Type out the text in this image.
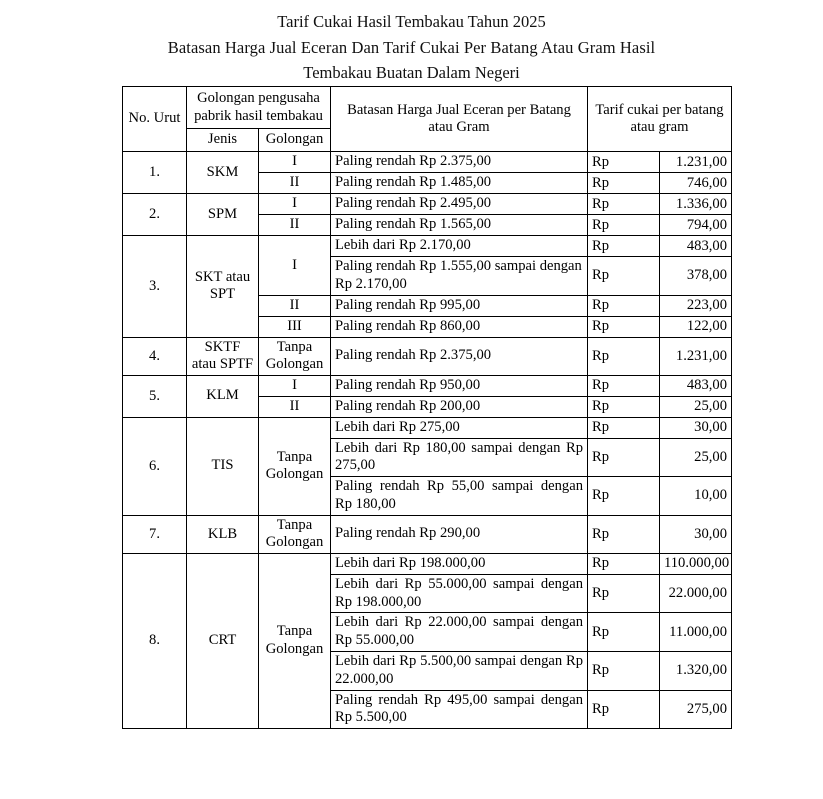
Tarif Cukai Hasil Tembakau Tahun 2025
Batasan Harga Jual Eceran Dan Tarif Cukai Per Batang Atau Gram Hasil
Tembakau Buatan Dalam Negeri
No. Urut	Golongan pengusaha pabrik hasil tembakau		Batasan Harga Jual Eceran per Batang atau Gram	Tarif cukai per batang atau gram	
	Jenis	Golongan			
1.	SKM	I	Paling rendah Rp 2.375,00	Rp	1.231,00
		II	Paling rendah Rp 1.485,00	Rp	746,00
2.	SPM	I	Paling rendah Rp 2.495,00	Rp	1.336,00
		II	Paling rendah Rp 1.565,00	Rp	794,00
3.	SKT atau SPT	I	Lebih dari Rp 2.170,00	Rp	483,00
			Paling rendah Rp 1.555,00 sampai dengan Rp 2.170,00	Rp	378,00
		II	Paling rendah Rp 995,00	Rp	223,00
		III	Paling rendah Rp 860,00	Rp	122,00
4.	SKTF atau SPTF	Tanpa Golongan	Paling rendah Rp 2.375,00	Rp	1.231,00
5.	KLM	I	Paling rendah Rp 950,00	Rp	483,00
		II	Paling rendah Rp 200,00	Rp	25,00
6.	TIS	Tanpa Golongan	Lebih dari Rp 275,00	Rp	30,00
			Lebih dari Rp 180,00 sampai dengan Rp 275,00	Rp	25,00
			Paling rendah Rp 55,00 sampai dengan Rp 180,00	Rp	10,00
7.	KLB	Tanpa Golongan	Paling rendah Rp 290,00	Rp	30,00
8.	CRT	Tanpa Golongan	Lebih dari Rp 198.000,00	Rp	110.000,00
			Lebih dari Rp 55.000,00 sampai dengan Rp 198.000,00	Rp	22.000,00
			Lebih dari Rp 22.000,00 sampai dengan Rp 55.000,00	Rp	11.000,00
			Lebih dari Rp 5.500,00 sampai dengan Rp 22.000,00	Rp	1.320,00
			Paling rendah Rp 495,00 sampai dengan Rp 5.500,00	Rp	275,00
